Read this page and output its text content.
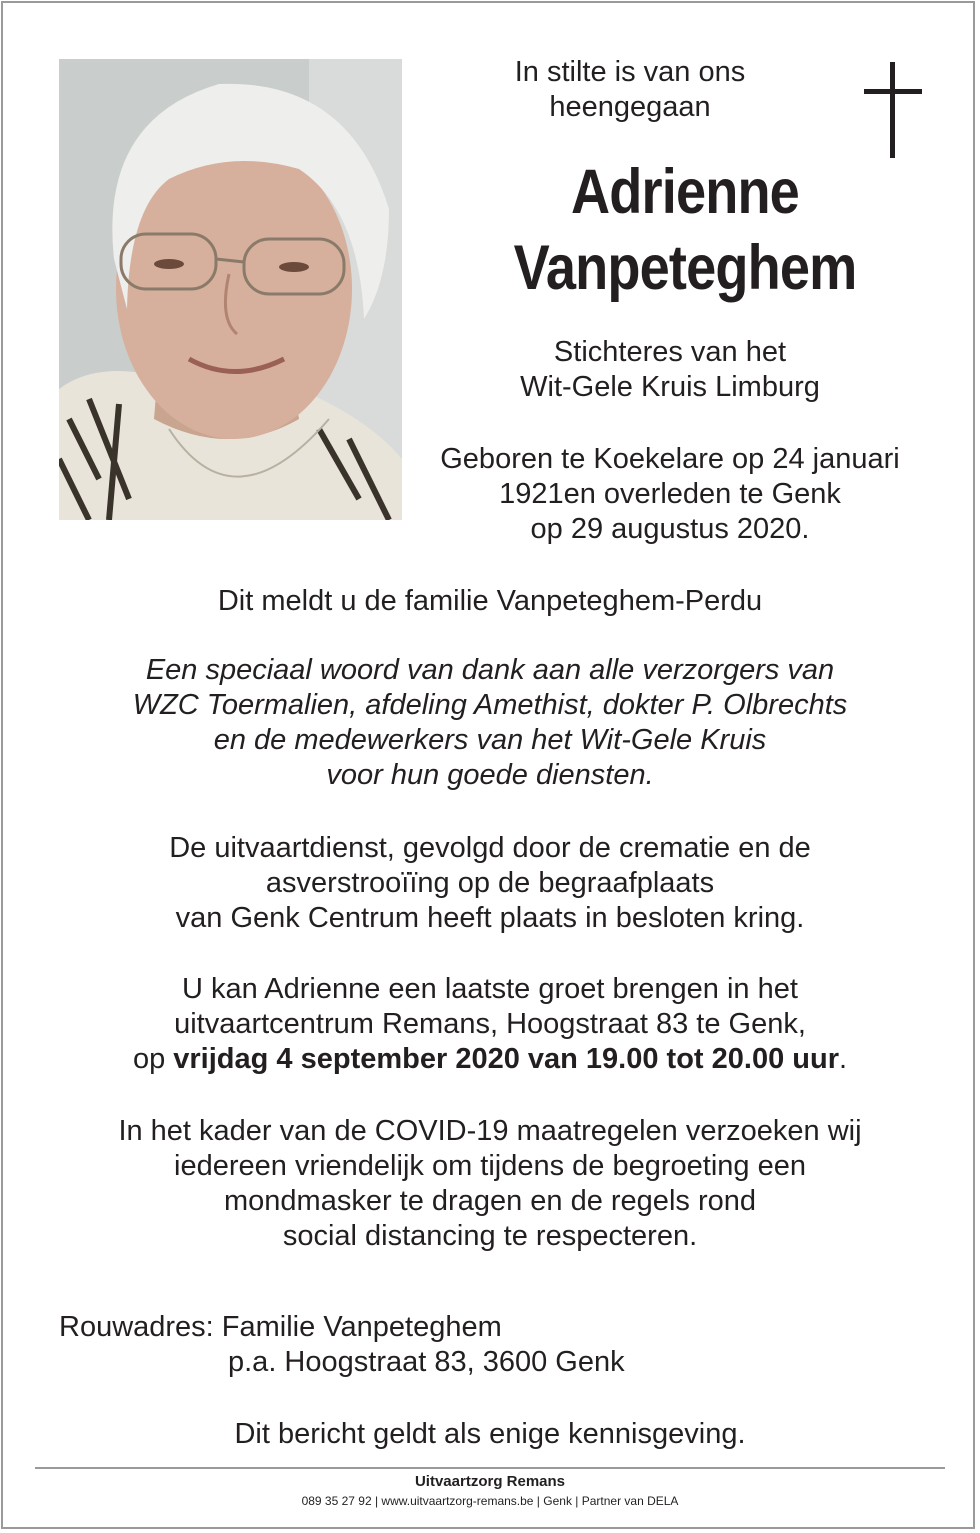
In stilte is van ons
heengegaan
Adrienne
Vanpeteghem
Stichteres van het
Wit-Gele Kruis Limburg
Geboren te Koekelare op 24 januari
1921en overleden te Genk
op 29 augustus 2020.
Dit meldt u de familie Vanpeteghem-Perdu
Een speciaal woord van dank aan alle verzorgers van
WZC Toermalien, afdeling Amethist, dokter P. Olbrechts
en de medewerkers van het Wit-Gele Kruis
voor hun goede diensten.
De uitvaartdienst, gevolgd door de crematie en de
asverstrooïïng op de begraafplaats
van Genk Centrum heeft plaats in besloten kring.
U kan Adrienne een laatste groet brengen in het
uitvaartcentrum Remans, Hoogstraat 83 te Genk,
op vrijdag 4 september 2020 van 19.00 tot 20.00 uur.
In het kader van de COVID-19 maatregelen verzoeken wij
iedereen vriendelijk om tijdens de begroeting een
mondmasker te dragen en de regels rond
social distancing te respecteren.
Rouwadres: Familie Vanpeteghem
p.a. Hoogstraat 83, 3600 Genk
Dit bericht geldt als enige kennisgeving.
Uitvaartzorg Remans
089 35 27 92 | www.uitvaartzorg-remans.be | Genk | Partner van DELA
